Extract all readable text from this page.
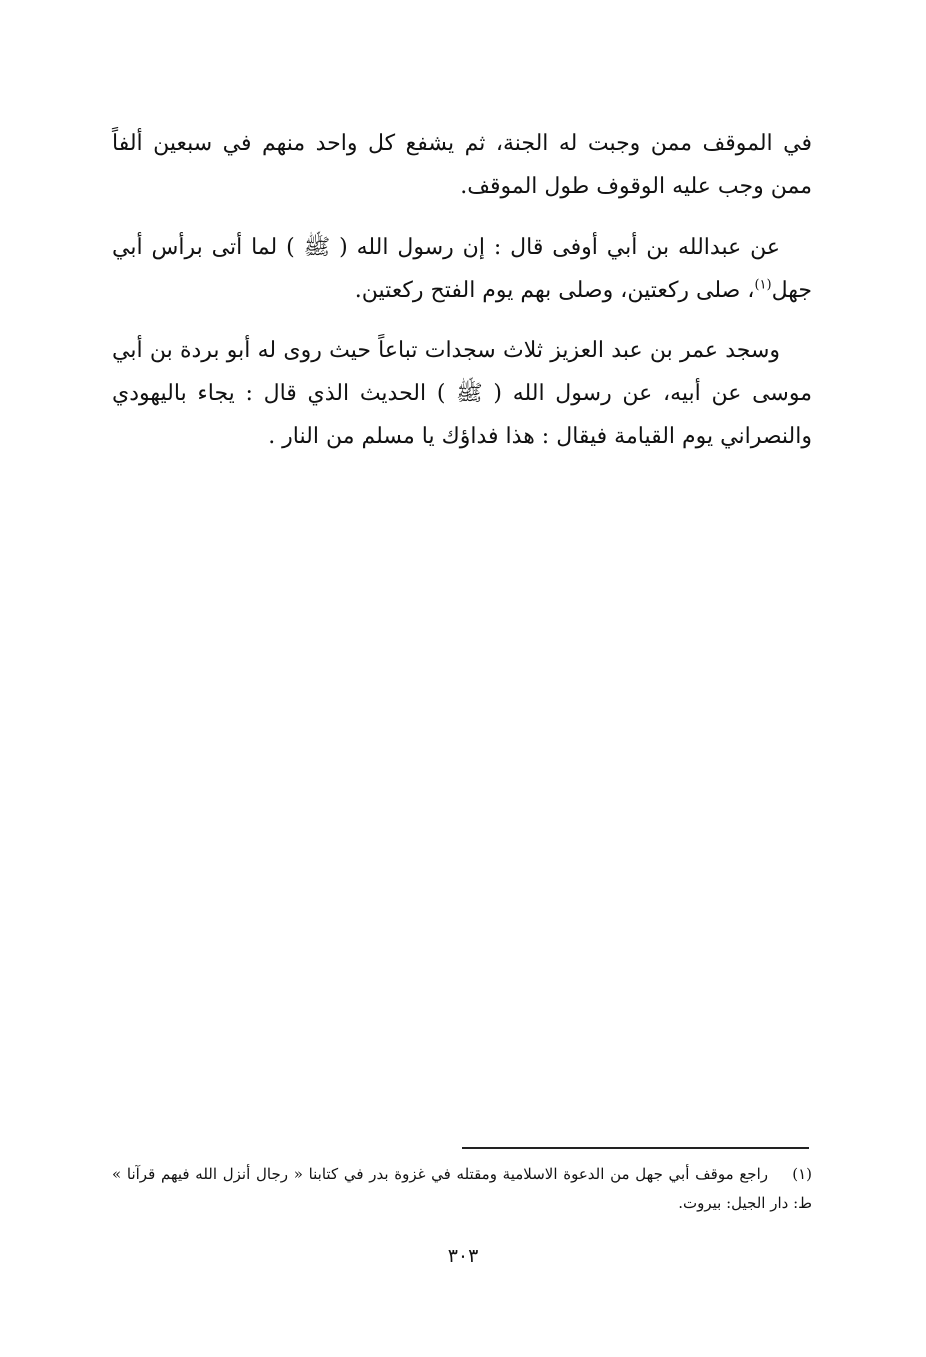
في الموقف ممن وجبت له الجنة، ثم يشفع كل واحد منهم في سبعين ألفاً ممن وجب عليه الوقوف طول الموقف.

عن عبدالله بن أبي أوفى قال : إن رسول الله ( ﷺ ) لما أتى برأس أبي جهل$^{(١)}$، صلى ركعتين، وصلى بهم يوم الفتح ركعتين.

وسجد عمر بن عبد العزيز ثلاث سجدات تباعاً حيث روى له أبو بردة بن أبي موسى عن أبيه، عن رسول الله ( ﷺ ) الحديث الذي قال : يجاء باليهودي والنصراني يوم القيامة فيقال : هذا فداؤك يا مسلم من النار .

(١)راجع موقف أبي جهل من الدعوة الاسلامية ومقتله في غزوة بدر في كتابنا « رجال أنزل الله فيهم قرآنا » ط: دار الجيل: بيروت.

٣٠٣
